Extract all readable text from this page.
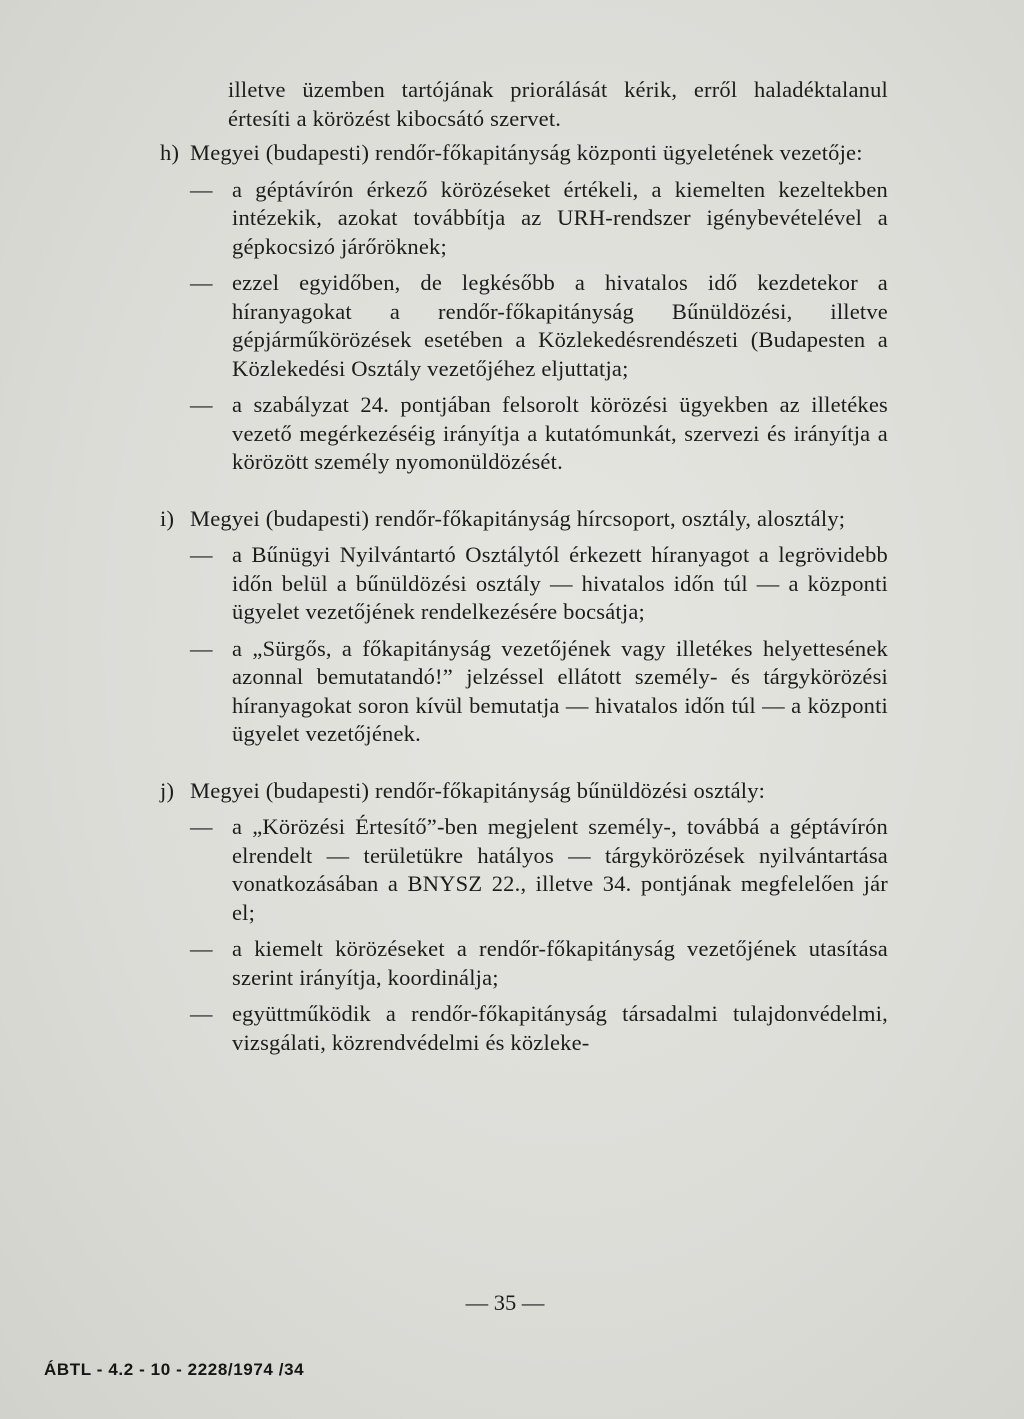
illetve üzemben tartójának priorálását kérik, erről haladéktalanul értesíti a körözést kibocsátó szervet.

h) Megyei (budapesti) rendőr-főkapitányság központi ügyeletének vezetője:

— a géptávírón érkező körözéseket értékeli, a kiemelten kezeltekben intézekik, azokat továbbítja az URH-rendszer igénybevételével a gépkocsizó járőröknek;

— ezzel egyidőben, de legkésőbb a hivatalos idő kezdetekor a híranyagokat a rendőr-főkapitányság Bűnüldözési, illetve gépjárműkörözések esetében a Közlekedésrendészeti (Budapesten a Közlekedési Osztály vezetőjéhez eljuttatja;

— a szabályzat 24. pontjában felsorolt körözési ügyekben az illetékes vezető megérkezéséig irányítja a kutatómunkát, szervezi és irányítja a körözött személy nyomonüldözését.

i) Megyei (budapesti) rendőr-főkapitányság hírcsoport, osztály, alosztály;

— a Bűnügyi Nyilvántartó Osztálytól érkezett híranyagot a legrövidebb időn belül a bűnüldözési osztály — hivatalos időn túl — a központi ügyelet vezetőjének rendelkezésére bocsátja;

— a „Sürgős, a főkapitányság vezetőjének vagy illetékes helyettesének azonnal bemutatandó!” jelzéssel ellátott személy- és tárgykörözési híranyagokat soron kívül bemutatja — hivatalos időn túl — a központi ügyelet vezetőjének.

j) Megyei (budapesti) rendőr-főkapitányság bűnüldözési osztály:

— a „Körözési Értesítő”-ben megjelent személy-, továbbá a géptávírón elrendelt — területükre hatályos — tárgykörözések nyilvántartása vonatkozásában a BNYSZ 22., illetve 34. pontjának megfelelően jár el;

— a kiemelt körözéseket a rendőr-főkapitányság vezetőjének utasítása szerint irányítja, koordinálja;

— együttműködik a rendőr-főkapitányság társadalmi tulajdonvédelmi, vizsgálati, közrendvédelmi és közleke-

— 35 —
ÁBTL - 4.2 - 10 - 2228/1974 /34
